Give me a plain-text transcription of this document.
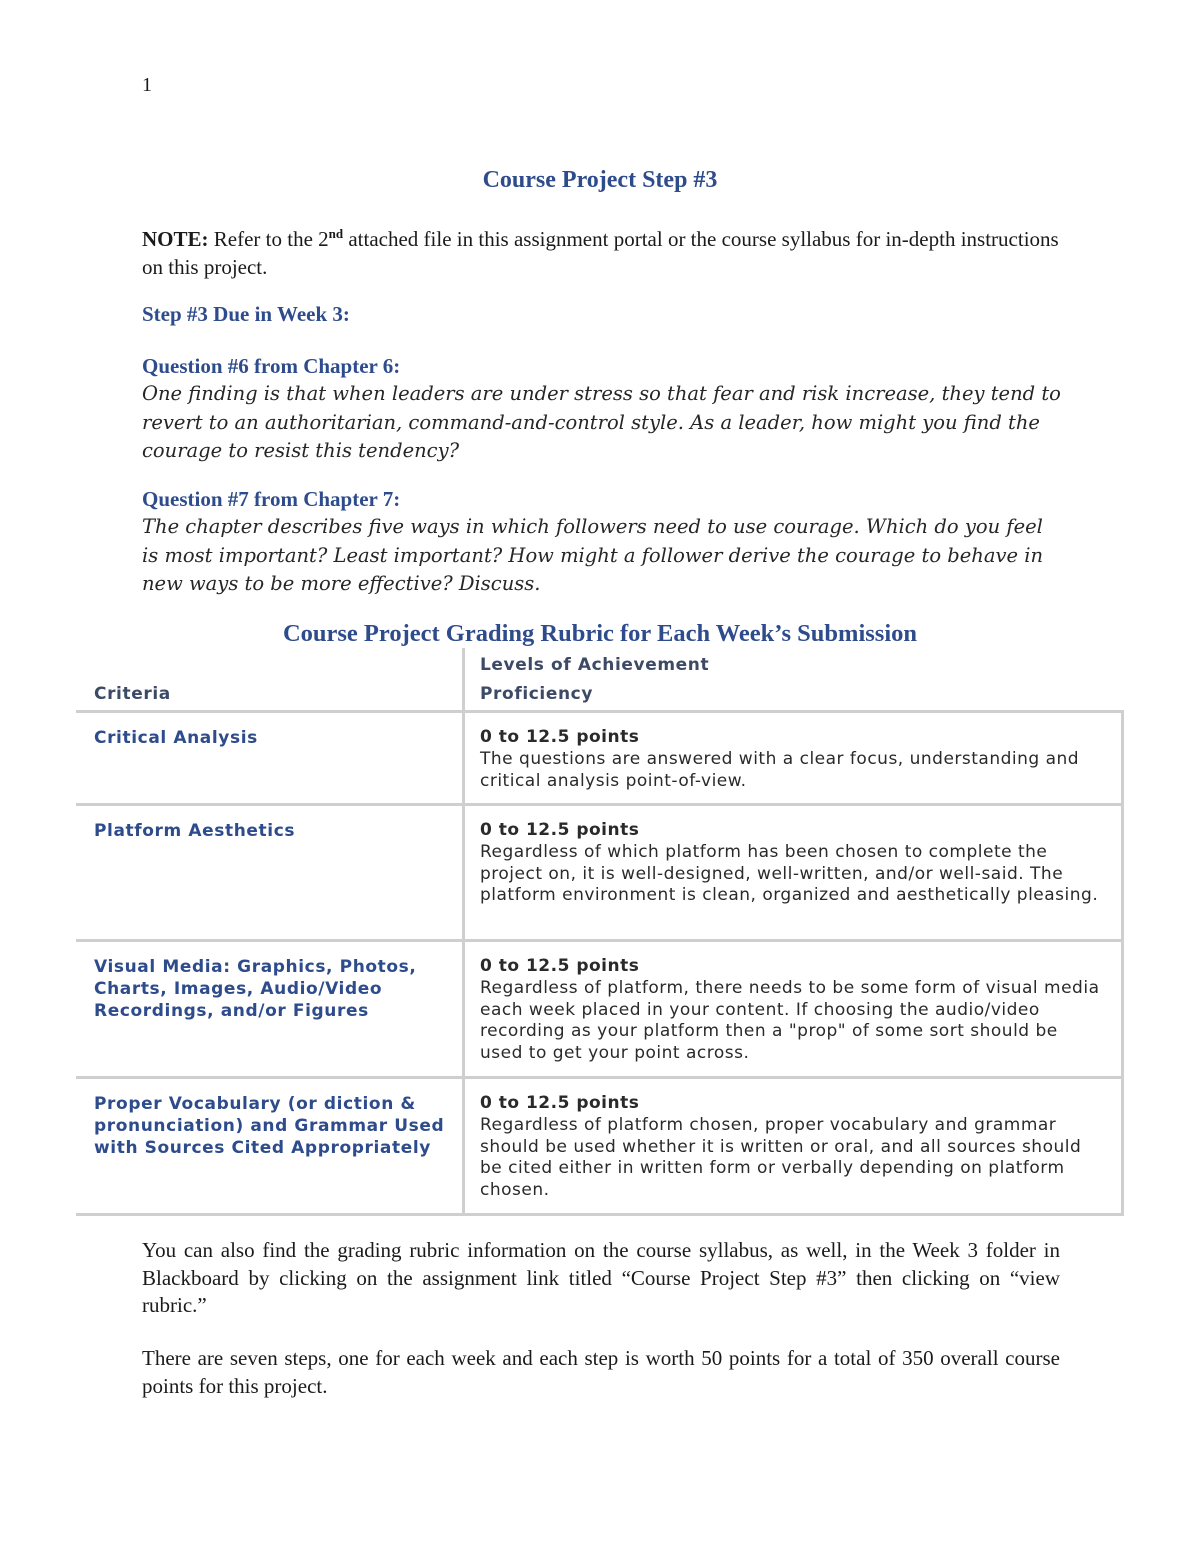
1
Course Project Step #3
NOTE: Refer to the 2nd attached file in this assignment portal or the course syllabus for in-depth instructions on this project.
Step #3 Due in Week 3:
Question #6 from Chapter 6:
One finding is that when leaders are under stress so that fear and risk increase, they tend to revert to an authoritarian, command-and-control style. As a leader, how might you find the courage to resist this tendency?
Question #7 from Chapter 7:
The chapter describes five ways in which followers need to use courage. Which do you feel is most important? Least important? How might a follower derive the courage to behave in new ways to be more effective? Discuss.
Course Project Grading Rubric for Each Week’s Submission
Criteria
Levels of Achievement
Proficiency
Critical Analysis	0 to 12.5 points
The questions are answered with a clear focus, understanding and critical analysis point-of-view.
Platform Aesthetics	0 to 12.5 points
Regardless of which platform has been chosen to complete the project on, it is well-designed, well-written, and/or well-said. The platform environment is clean, organized and aesthetically pleasing.
Visual Media: Graphics, Photos, Charts, Images, Audio/Video Recordings, and/or Figures
0 to 12.5 points
Regardless of platform, there needs to be some form of visual media each week placed in your content. If choosing the audio/video recording as your platform then a "prop" of some sort should be used to get your point across.
Proper Vocabulary (or diction & pronunciation) and Grammar Used with Sources Cited Appropriately
0 to 12.5 points
Regardless of platform chosen, proper vocabulary and grammar should be used whether it is written or oral, and all sources should be cited either in written form or verbally depending on platform chosen.
You can also find the grading rubric information on the course syllabus, as well, in the Week 3 folder in Blackboard by clicking on the assignment link titled “Course Project Step #3” then clicking on “view rubric.”
There are seven steps, one for each week and each step is worth 50 points for a total of 350 overall course points for this project.
